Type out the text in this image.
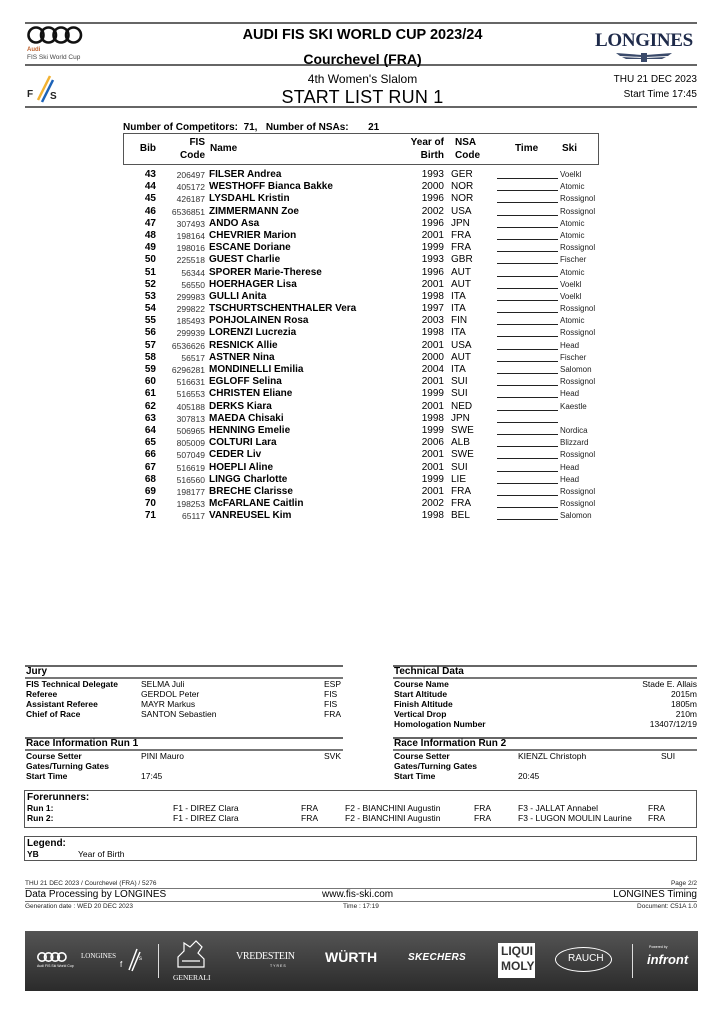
Audi
FIS Ski World Cup
F S
AUDI FIS SKI WORLD CUP 2023/24
Courchevel (FRA)
4th Women's Slalom
START LIST RUN 1
LONGINES
THU 21 DEC 2023
Start Time 17:45
Number of Competitors: 71, Number of NSAs: 21
Bib
FIS
Code
Name
Year of
Birth
NSA
Code
Time Ski
43	206497 FILSER Andrea	1993 GER	Voelkl
44	405172 WESTHOFF Bianca Bakke	2000 NOR	Atomic
45	426187 LYSDAHL Kristin	1996 NOR	Rossignol
46	6536851 ZIMMERMANN Zoe	2002 USA	Rossignol
47	307493 ANDO Asa	1996 JPN	Atomic
48	198164 CHEVRIER Marion	2001 FRA	Atomic
49	198016 ESCANE Doriane	1999 FRA	Rossignol
50	225518 GUEST Charlie	1993 GBR	Fischer
51	56344 SPORER Marie-Therese	1996 AUT	Atomic
52	56550 HOERHAGER Lisa	2001 AUT	Voelkl
53	299983 GULLI Anita	1998 ITA	Voelkl
54	299822 TSCHURTSCHENTHALER Vera	1997 ITA	Rossignol
55	185493 POHJOLAINEN Rosa	2003 FIN	Atomic
56	299939 LORENZI Lucrezia	1998 ITA	Rossignol
57	6536626 RESNICK Allie	2001 USA	Head
58	56517 ASTNER Nina	2000 AUT	Fischer
59	6296281 MONDINELLI Emilia	2004 ITA	Salomon
60	516631 EGLOFF Selina	2001 SUI	Rossignol
61	516553 CHRISTEN Eliane	1999 SUI	Head
62	405188 DERKS Kiara	2001 NED	Kaestle
63	307813 MAEDA Chisaki	1998 JPN
64	506965 HENNING Emelie	1999 SWE	Nordica
65	805009 COLTURI Lara	2006 ALB	Blizzard
66	507049 CEDER Liv	2001 SWE	Rossignol
67	516619 HOEPLI Aline	2001 SUI	Head
68	516560 LINGG Charlotte	1999 LIE	Head
69	198177 BRECHE Clarisse	2001 FRA	Rossignol
70	198253 McFARLANE Caitlin	2002 FRA	Rossignol
71	65117 VANREUSEL Kim	1998 BEL	Salomon
Jury
FIS Technical Delegate	SELMA Juli	ESP
Referee	GERDOL Peter	FIS
Assistant Referee	MAYR Markus	FIS
Chief of Race	SANTON Sebastien	FRA
Technical Data
Course Name	Stade E. Allais
Start Altitude	2015m
Finish Altitude	1805m
Vertical Drop	210m
Homologation Number	13407/12/19
Race Information Run 1
Course Setter	PINI Mauro	SVK
Gates/Turning Gates
Start Time	17:45
Race Information Run 2
Course Setter	KIENZL Christoph	SUI
Gates/Turning Gates
Start Time	20:45
Forerunners:
Run 1:	F1 - DIREZ Clara	FRA	F2 - BIANCHINI Augustin	FRA	F3 - JALLAT Annabel	FRA
Run 2:	F1 - DIREZ Clara	FRA	F2 - BIANCHINI Augustin	FRA	F3 - LUGON MOULIN Laurine FRA
Legend:
YB	Year of Birth
THU 21 DEC 2023 / Courchevel (FRA) / 5276	Page 2/2
Data Processing by LONGINES	www.fis-ski.com	LONGINES Timing
Generation date : WED 20 DEC 2023	Time : 17:19	Document: C51A 1.0
Audi FIS Ski World Cup
LONGINES
f
s
GENERALI
VREDESTEIN
TYRES
WÜRTH	SKECHERS	LIQUI
MOLY
RAUCH
Powered by
infront
